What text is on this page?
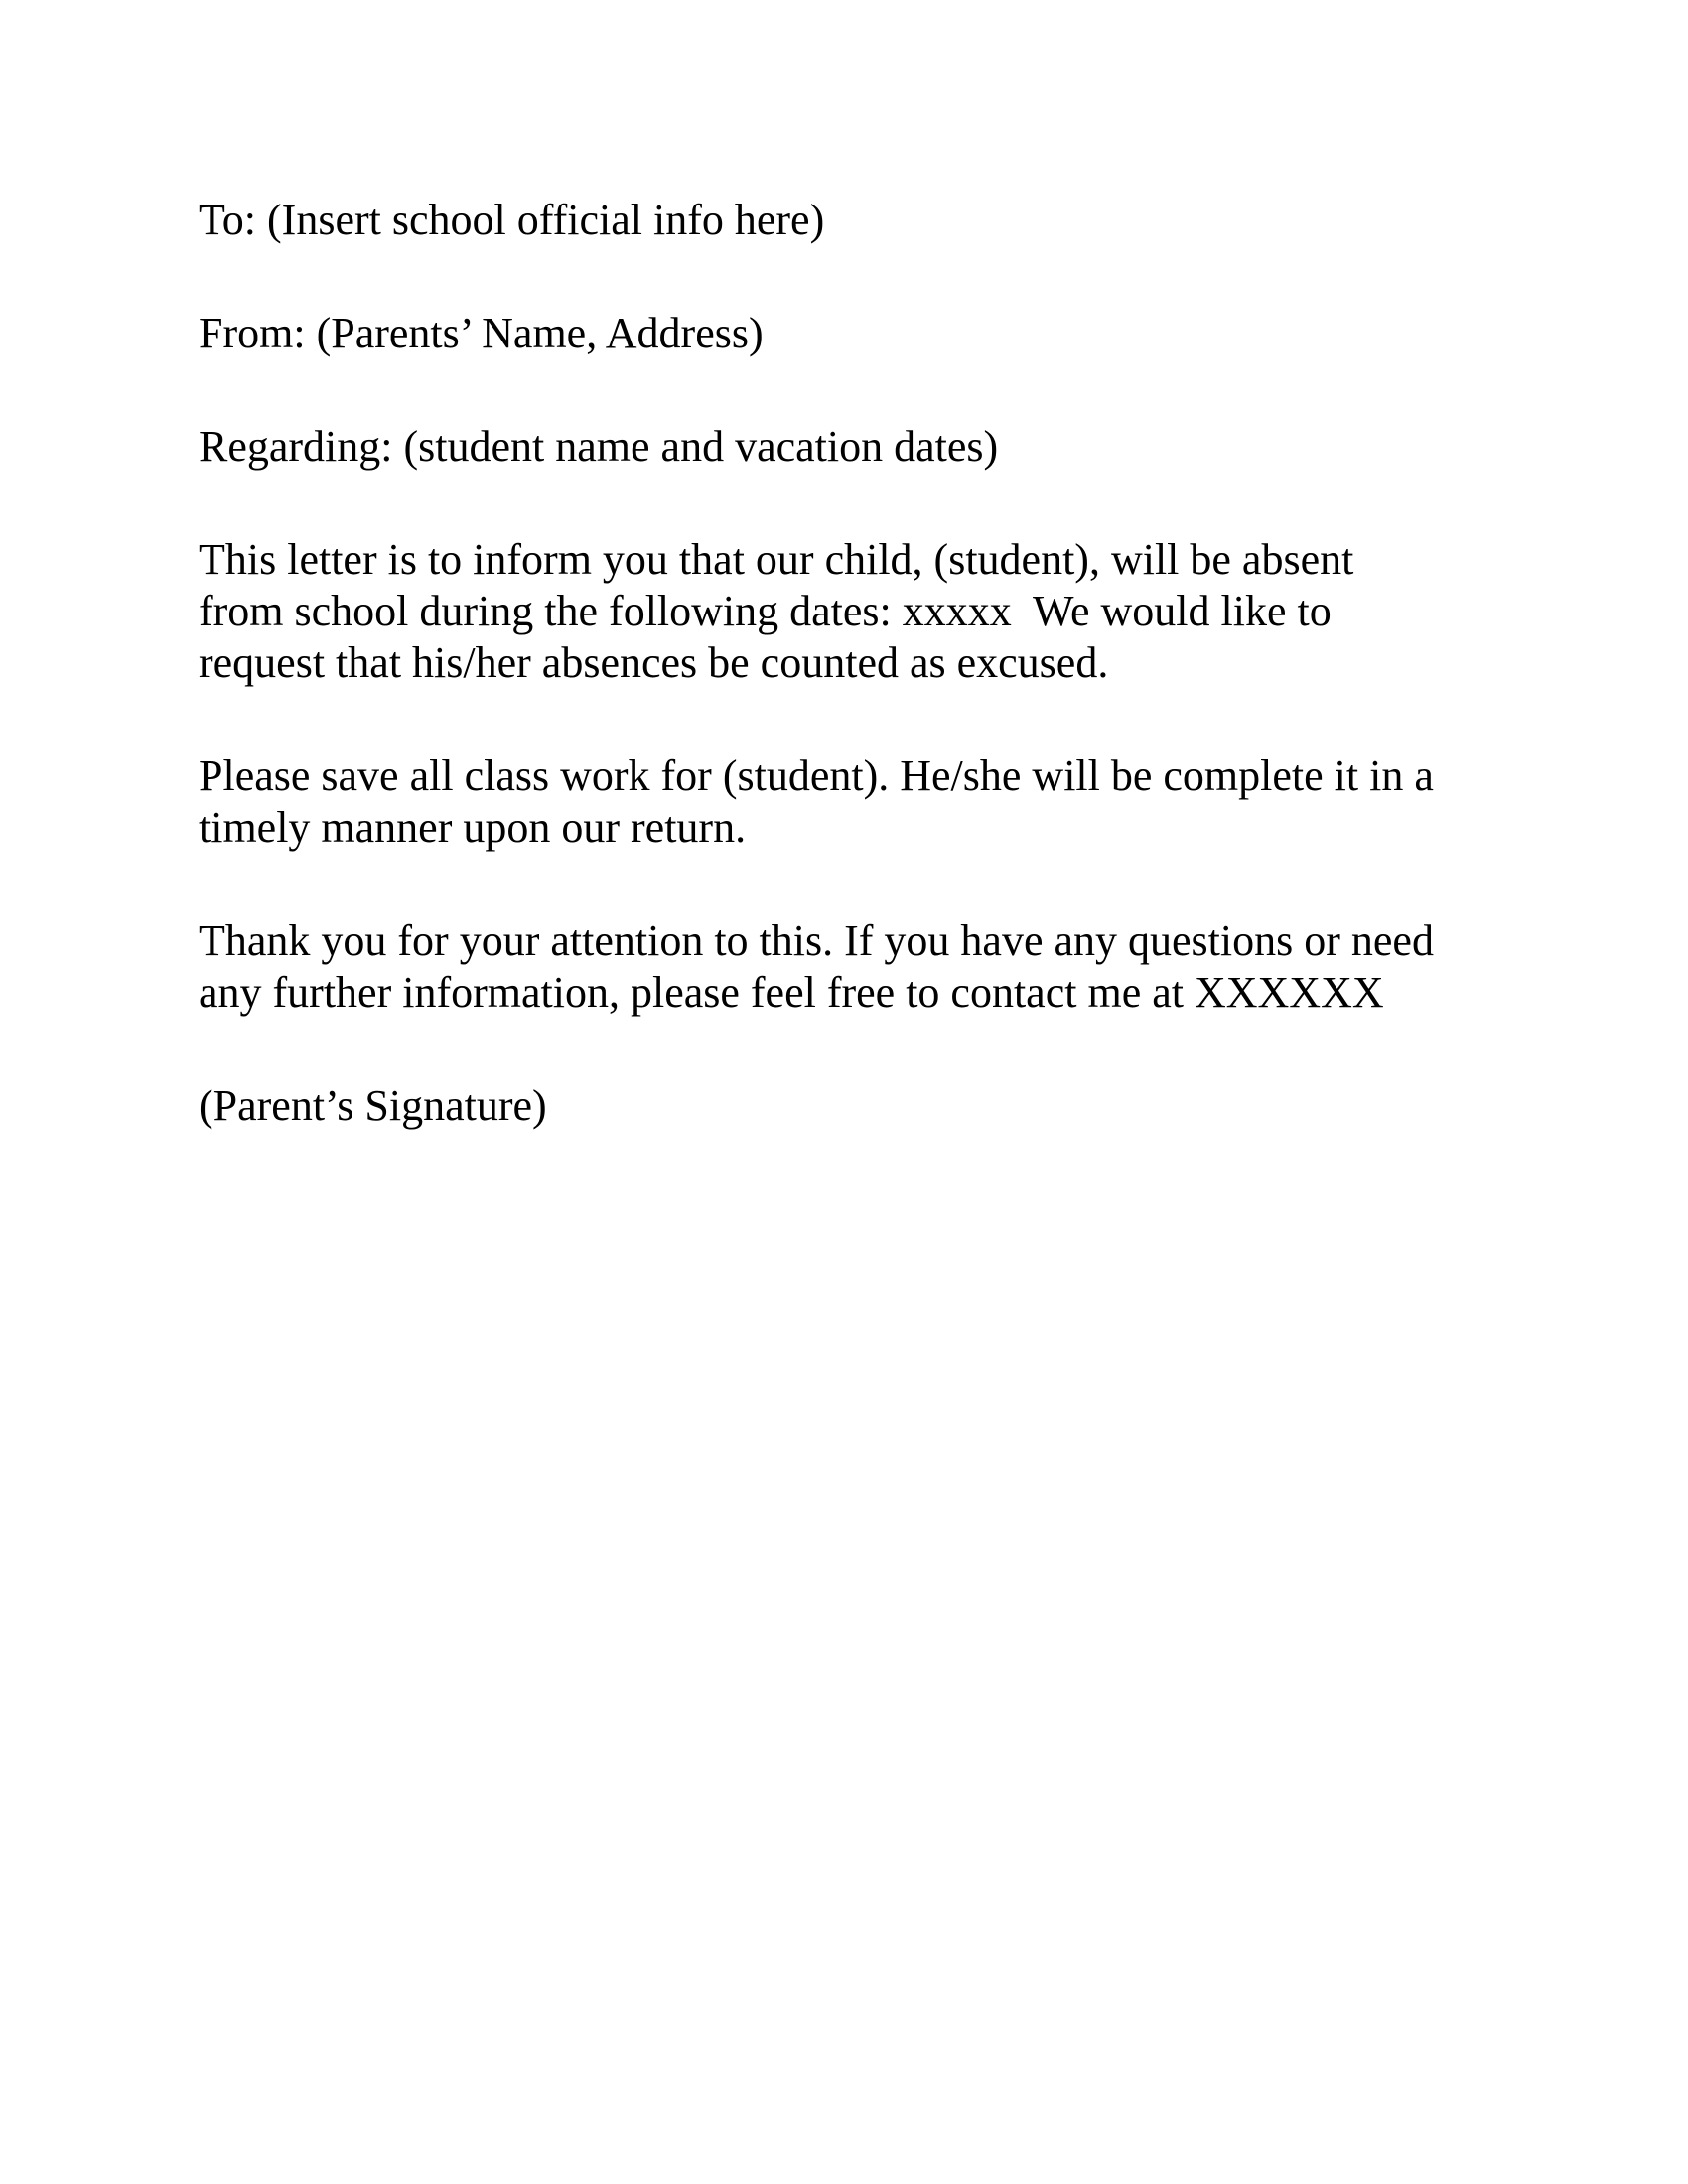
To: (Insert school official info here)

From: (Parents’ Name, Address)

Regarding: (student name and vacation dates)

This letter is to inform you that our child, (student), will be absent
from school during the following dates: xxxxx  We would like to
request that his/her absences be counted as excused.

Please save all class work for (student). He/she will be complete it in a
timely manner upon our return.

Thank you for your attention to this. If you have any questions or need
any further information, please feel free to contact me at XXXXXX

(Parent’s Signature)
